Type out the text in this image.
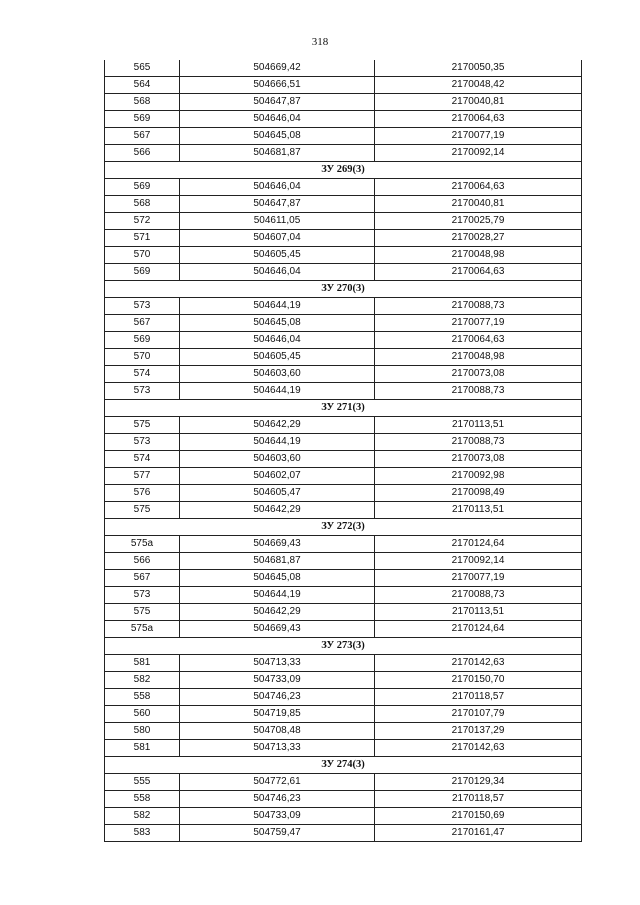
318
565	504669,42	2170050,35
564	504666,51	2170048,42
568	504647,87	2170040,81
569	504646,04	2170064,63
567	504645,08	2170077,19
566	504681,87	2170092,14
ЗУ 269(3)		
569	504646,04	2170064,63
568	504647,87	2170040,81
572	504611,05	2170025,79
571	504607,04	2170028,27
570	504605,45	2170048,98
569	504646,04	2170064,63
ЗУ 270(3)		
573	504644,19	2170088,73
567	504645,08	2170077,19
569	504646,04	2170064,63
570	504605,45	2170048,98
574	504603,60	2170073,08
573	504644,19	2170088,73
ЗУ 271(3)		
575	504642,29	2170113,51
573	504644,19	2170088,73
574	504603,60	2170073,08
577	504602,07	2170092,98
576	504605,47	2170098,49
575	504642,29	2170113,51
ЗУ 272(3)		
575а	504669,43	2170124,64
566	504681,87	2170092,14
567	504645,08	2170077,19
573	504644,19	2170088,73
575	504642,29	2170113,51
575а	504669,43	2170124,64
ЗУ 273(3)		
581	504713,33	2170142,63
582	504733,09	2170150,70
558	504746,23	2170118,57
560	504719,85	2170107,79
580	504708,48	2170137,29
581	504713,33	2170142,63
ЗУ 274(3)		
555	504772,61	2170129,34
558	504746,23	2170118,57
582	504733,09	2170150,69
583	504759,47	2170161,47
